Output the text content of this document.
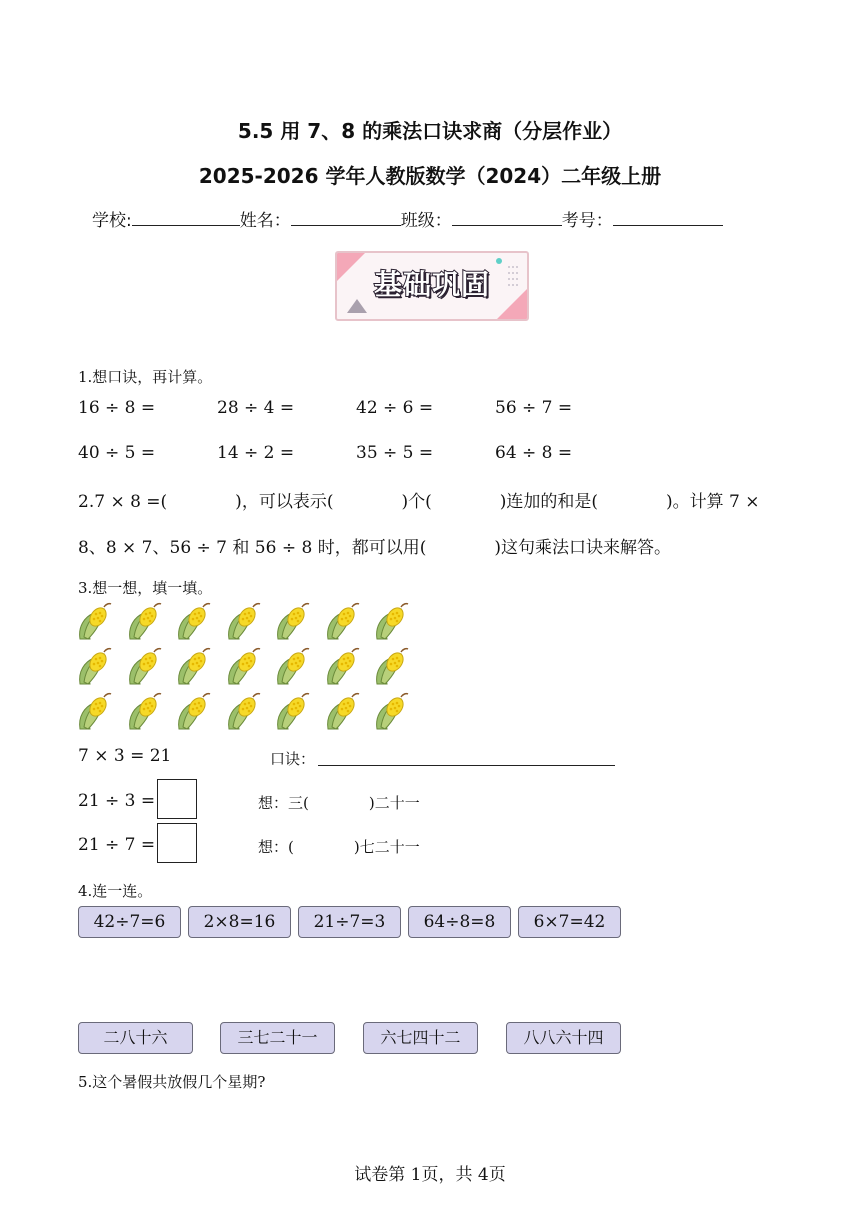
5.5 用 7、8 的乘法口诀求商（分层作业）
2025-2026 学年人教版数学（2024）二年级上册
学校:	姓名：	班级：	考号：
基础巩固
1.想口诀，再计算。
16 ÷ 8 =	28 ÷ 4 =	42 ÷ 6 =	56 ÷ 7 =
40 ÷ 5 =	14 ÷ 2 =	35 ÷ 5 =	64 ÷ 8 =
2.7 × 8 =(　　　　)，可以表示(　　　　)个(　　　　)连加的和是(　　　　)。计算 7 ×
8、8 × 7、56 ÷ 7 和 56 ÷ 8 时，都可以用(　　　　)这句乘法口诀来解答。
3.想一想，填一填。
7 × 3 = 21	口诀：
21 ÷ 3 =	想：三(　　　　)二十一
21 ÷ 7 =	想：(　　　　)七二十一
4.连一连。
42÷7=6	2×8=16	21÷7=3	64÷8=8	6×7=42
二八十六	三七二十一	六七四十二	八八六十四
5.这个暑假共放假几个星期?
试卷第 1页，共 4页
